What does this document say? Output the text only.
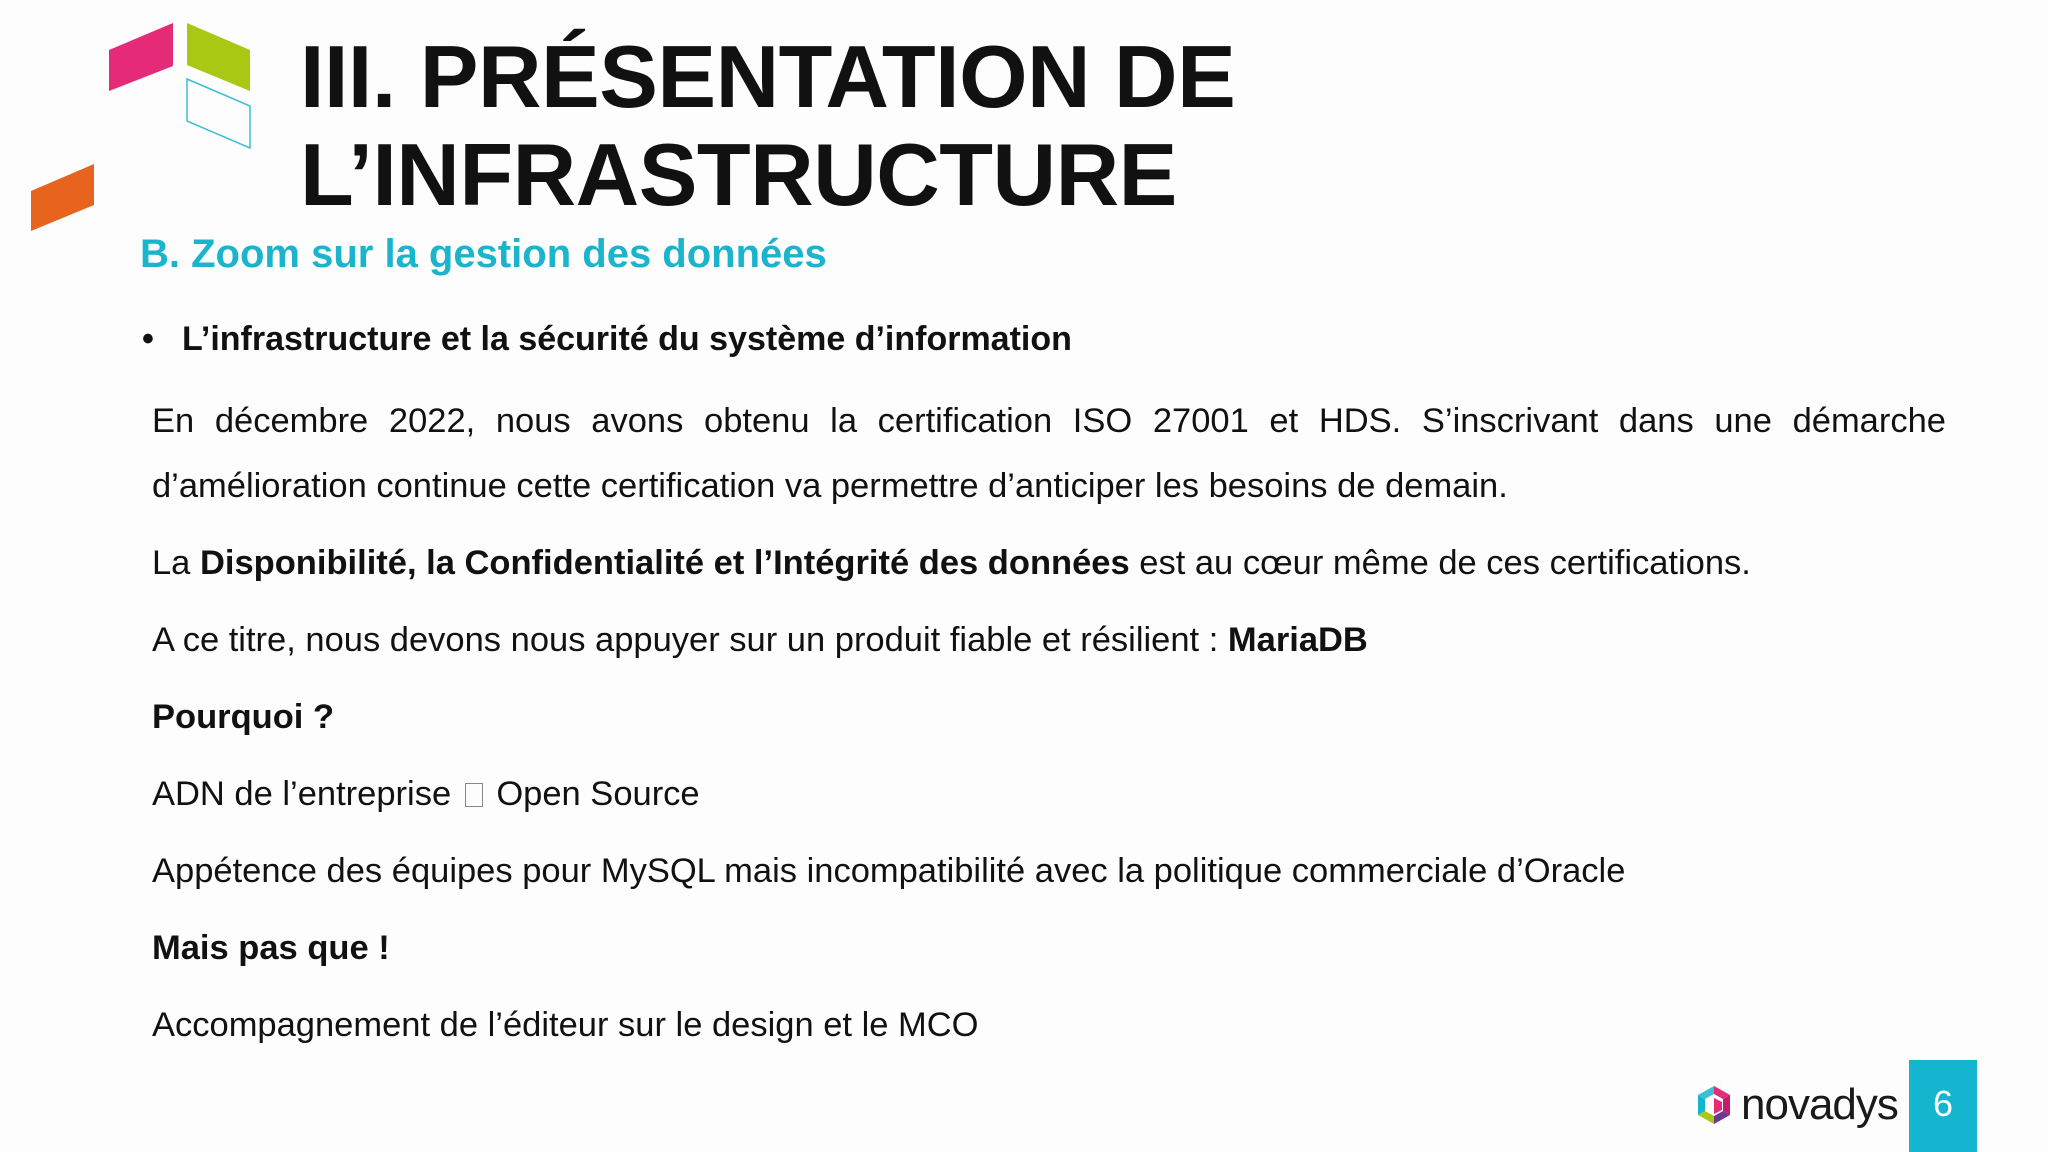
III. PRÉSENTATION DE
L’INFRASTRUCTURE
B. Zoom sur la gestion des données
• L’infrastructure et la sécurité du système d’information
En décembre 2022, nous avons obtenu la certification ISO 27001 et HDS. S’inscrivant dans une démarche
d’amélioration continue cette certification va permettre d’anticiper les besoins de demain.
La Disponibilité, la Confidentialité et l’Intégrité des données est au cœur même de ces certifications.
A ce titre, nous devons nous appuyer sur un produit fiable et résilient : MariaDB
Pourquoi ?
ADN de l’entreprise Open Source
Appétence des équipes pour MySQL mais incompatibilité avec la politique commerciale d’Oracle
Mais pas que !
Accompagnement de l’éditeur sur le design et le MCO
novadys 6
